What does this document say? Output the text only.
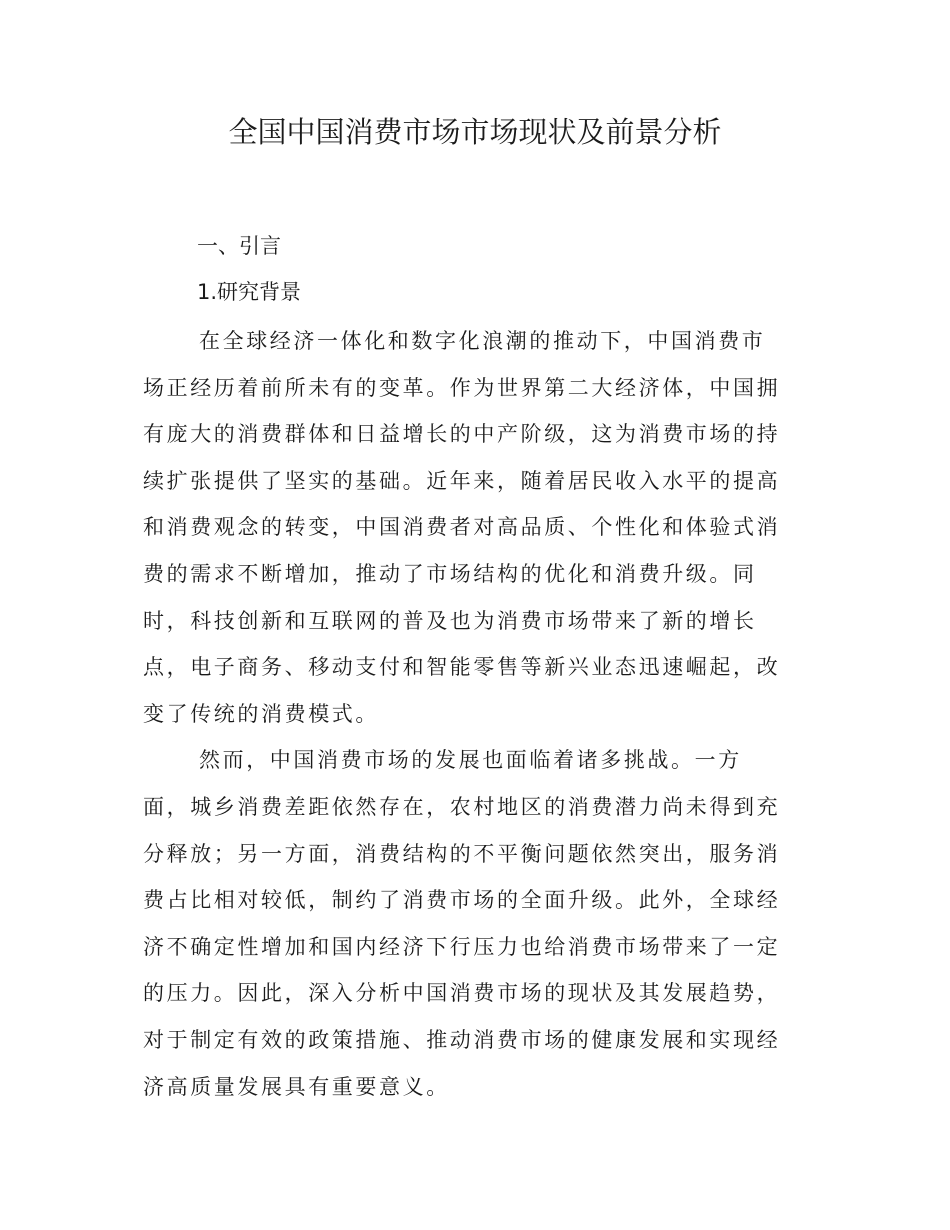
全国中国消费市场市场现状及前景分析
一、引言
1.研究背景
在全球经济一体化和数字化浪潮的推动下，中国消费市
场正经历着前所未有的变革。作为世界第二大经济体，中国拥
有庞大的消费群体和日益增长的中产阶级，这为消费市场的持
续扩张提供了坚实的基础。近年来，随着居民收入水平的提高
和消费观念的转变，中国消费者对高品质、个性化和体验式消
费的需求不断增加，推动了市场结构的优化和消费升级。同
时，科技创新和互联网的普及也为消费市场带来了新的增长
点，电子商务、移动支付和智能零售等新兴业态迅速崛起，改
变了传统的消费模式。
然而，中国消费市场的发展也面临着诸多挑战。一方
面，城乡消费差距依然存在，农村地区的消费潜力尚未得到充
分释放；另一方面，消费结构的不平衡问题依然突出，服务消
费占比相对较低，制约了消费市场的全面升级。此外，全球经
济不确定性增加和国内经济下行压力也给消费市场带来了一定
的压力。因此，深入分析中国消费市场的现状及其发展趋势，
对于制定有效的政策措施、推动消费市场的健康发展和实现经
济高质量发展具有重要意义。
